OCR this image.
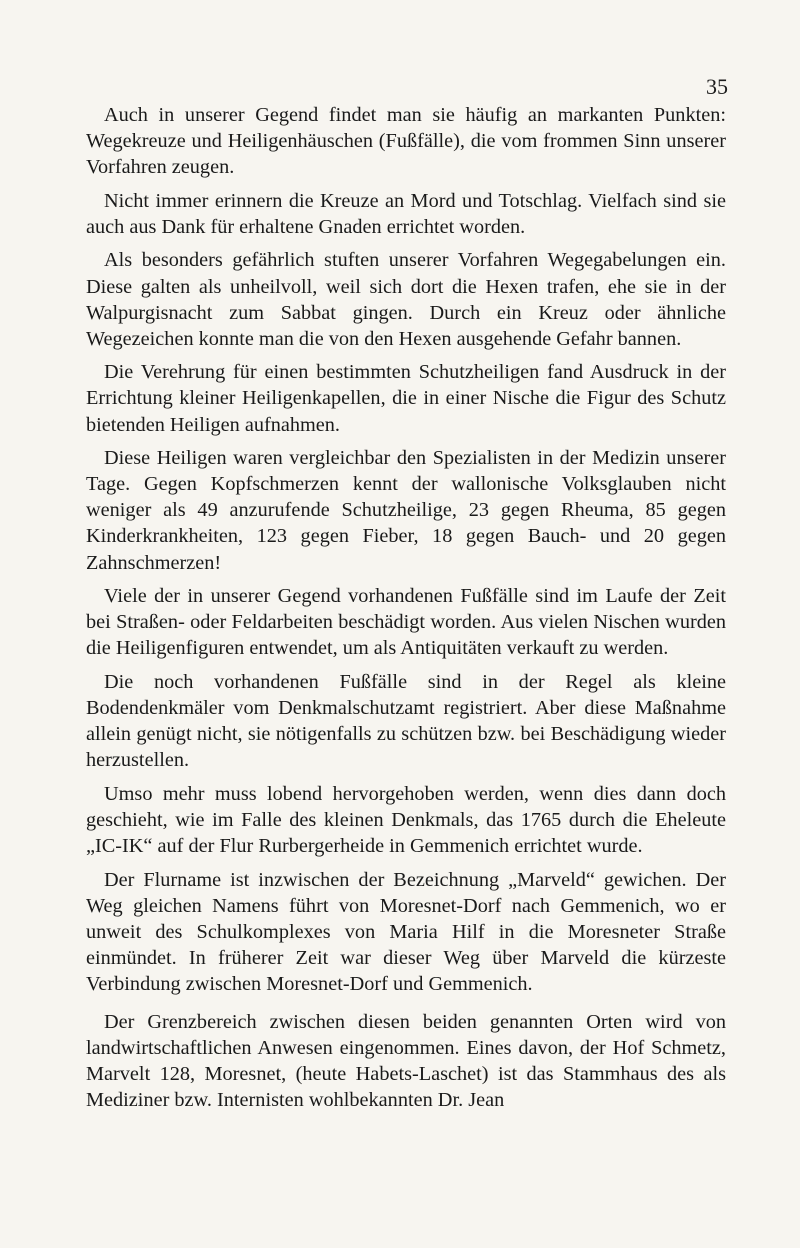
35

Auch in unserer Gegend findet man sie häufig an markanten Punkten: Wegekreuze und Heiligenhäuschen (Fußfälle), die vom frommen Sinn unserer Vorfahren zeugen.

Nicht immer erinnern die Kreuze an Mord und Totschlag. Vielfach sind sie auch aus Dank für erhaltene Gnaden errichtet worden.

Als besonders gefährlich stuften unserer Vorfahren Wegegabelungen ein. Diese galten als unheilvoll, weil sich dort die Hexen trafen, ehe sie in der Walpurgisnacht zum Sabbat gingen. Durch ein Kreuz oder ähnliche Wegezeichen konnte man die von den Hexen ausgehende Gefahr bannen.

Die Verehrung für einen bestimmten Schutzheiligen fand Ausdruck in der Errichtung kleiner Heiligenkapellen, die in einer Nische die Figur des Schutz bietenden Heiligen aufnahmen.

Diese Heiligen waren vergleichbar den Spezialisten in der Medizin unserer Tage. Gegen Kopfschmerzen kennt der wallonische Volksglauben nicht weniger als 49 anzurufende Schutzheilige, 23 gegen Rheuma, 85 gegen Kinderkrankheiten, 123 gegen Fieber, 18 gegen Bauch- und 20 gegen Zahnschmerzen!

Viele der in unserer Gegend vorhandenen Fußfälle sind im Laufe der Zeit bei Straßen- oder Feldarbeiten beschädigt worden. Aus vielen Nischen wurden die Heiligenfiguren entwendet, um als Antiquitäten verkauft zu werden.

Die noch vorhandenen Fußfälle sind in der Regel als kleine Bodendenkmäler vom Denkmalschutzamt registriert. Aber diese Maßnahme allein genügt nicht, sie nötigenfalls zu schützen bzw. bei Beschädigung wieder herzustellen.

Umso mehr muss lobend hervorgehoben werden, wenn dies dann doch geschieht, wie im Falle des kleinen Denkmals, das 1765 durch die Eheleute „IC-IK“ auf der Flur Rurbergerheide in Gemmenich errichtet wurde.

Der Flurname ist inzwischen der Bezeichnung „Marveld“ gewichen. Der Weg gleichen Namens führt von Moresnet-Dorf nach Gemmenich, wo er unweit des Schulkomplexes von Maria Hilf in die Moresneter Straße einmündet. In früherer Zeit war dieser Weg über Marveld die kürzeste Verbindung zwischen Moresnet-Dorf und Gemmenich.

Der Grenzbereich zwischen diesen beiden genannten Orten wird von landwirtschaftlichen Anwesen eingenommen. Eines davon, der Hof Schmetz, Marvelt 128, Moresnet, (heute Habets-Laschet) ist das Stammhaus des als Mediziner bzw. Internisten wohlbekannten Dr. Jean
